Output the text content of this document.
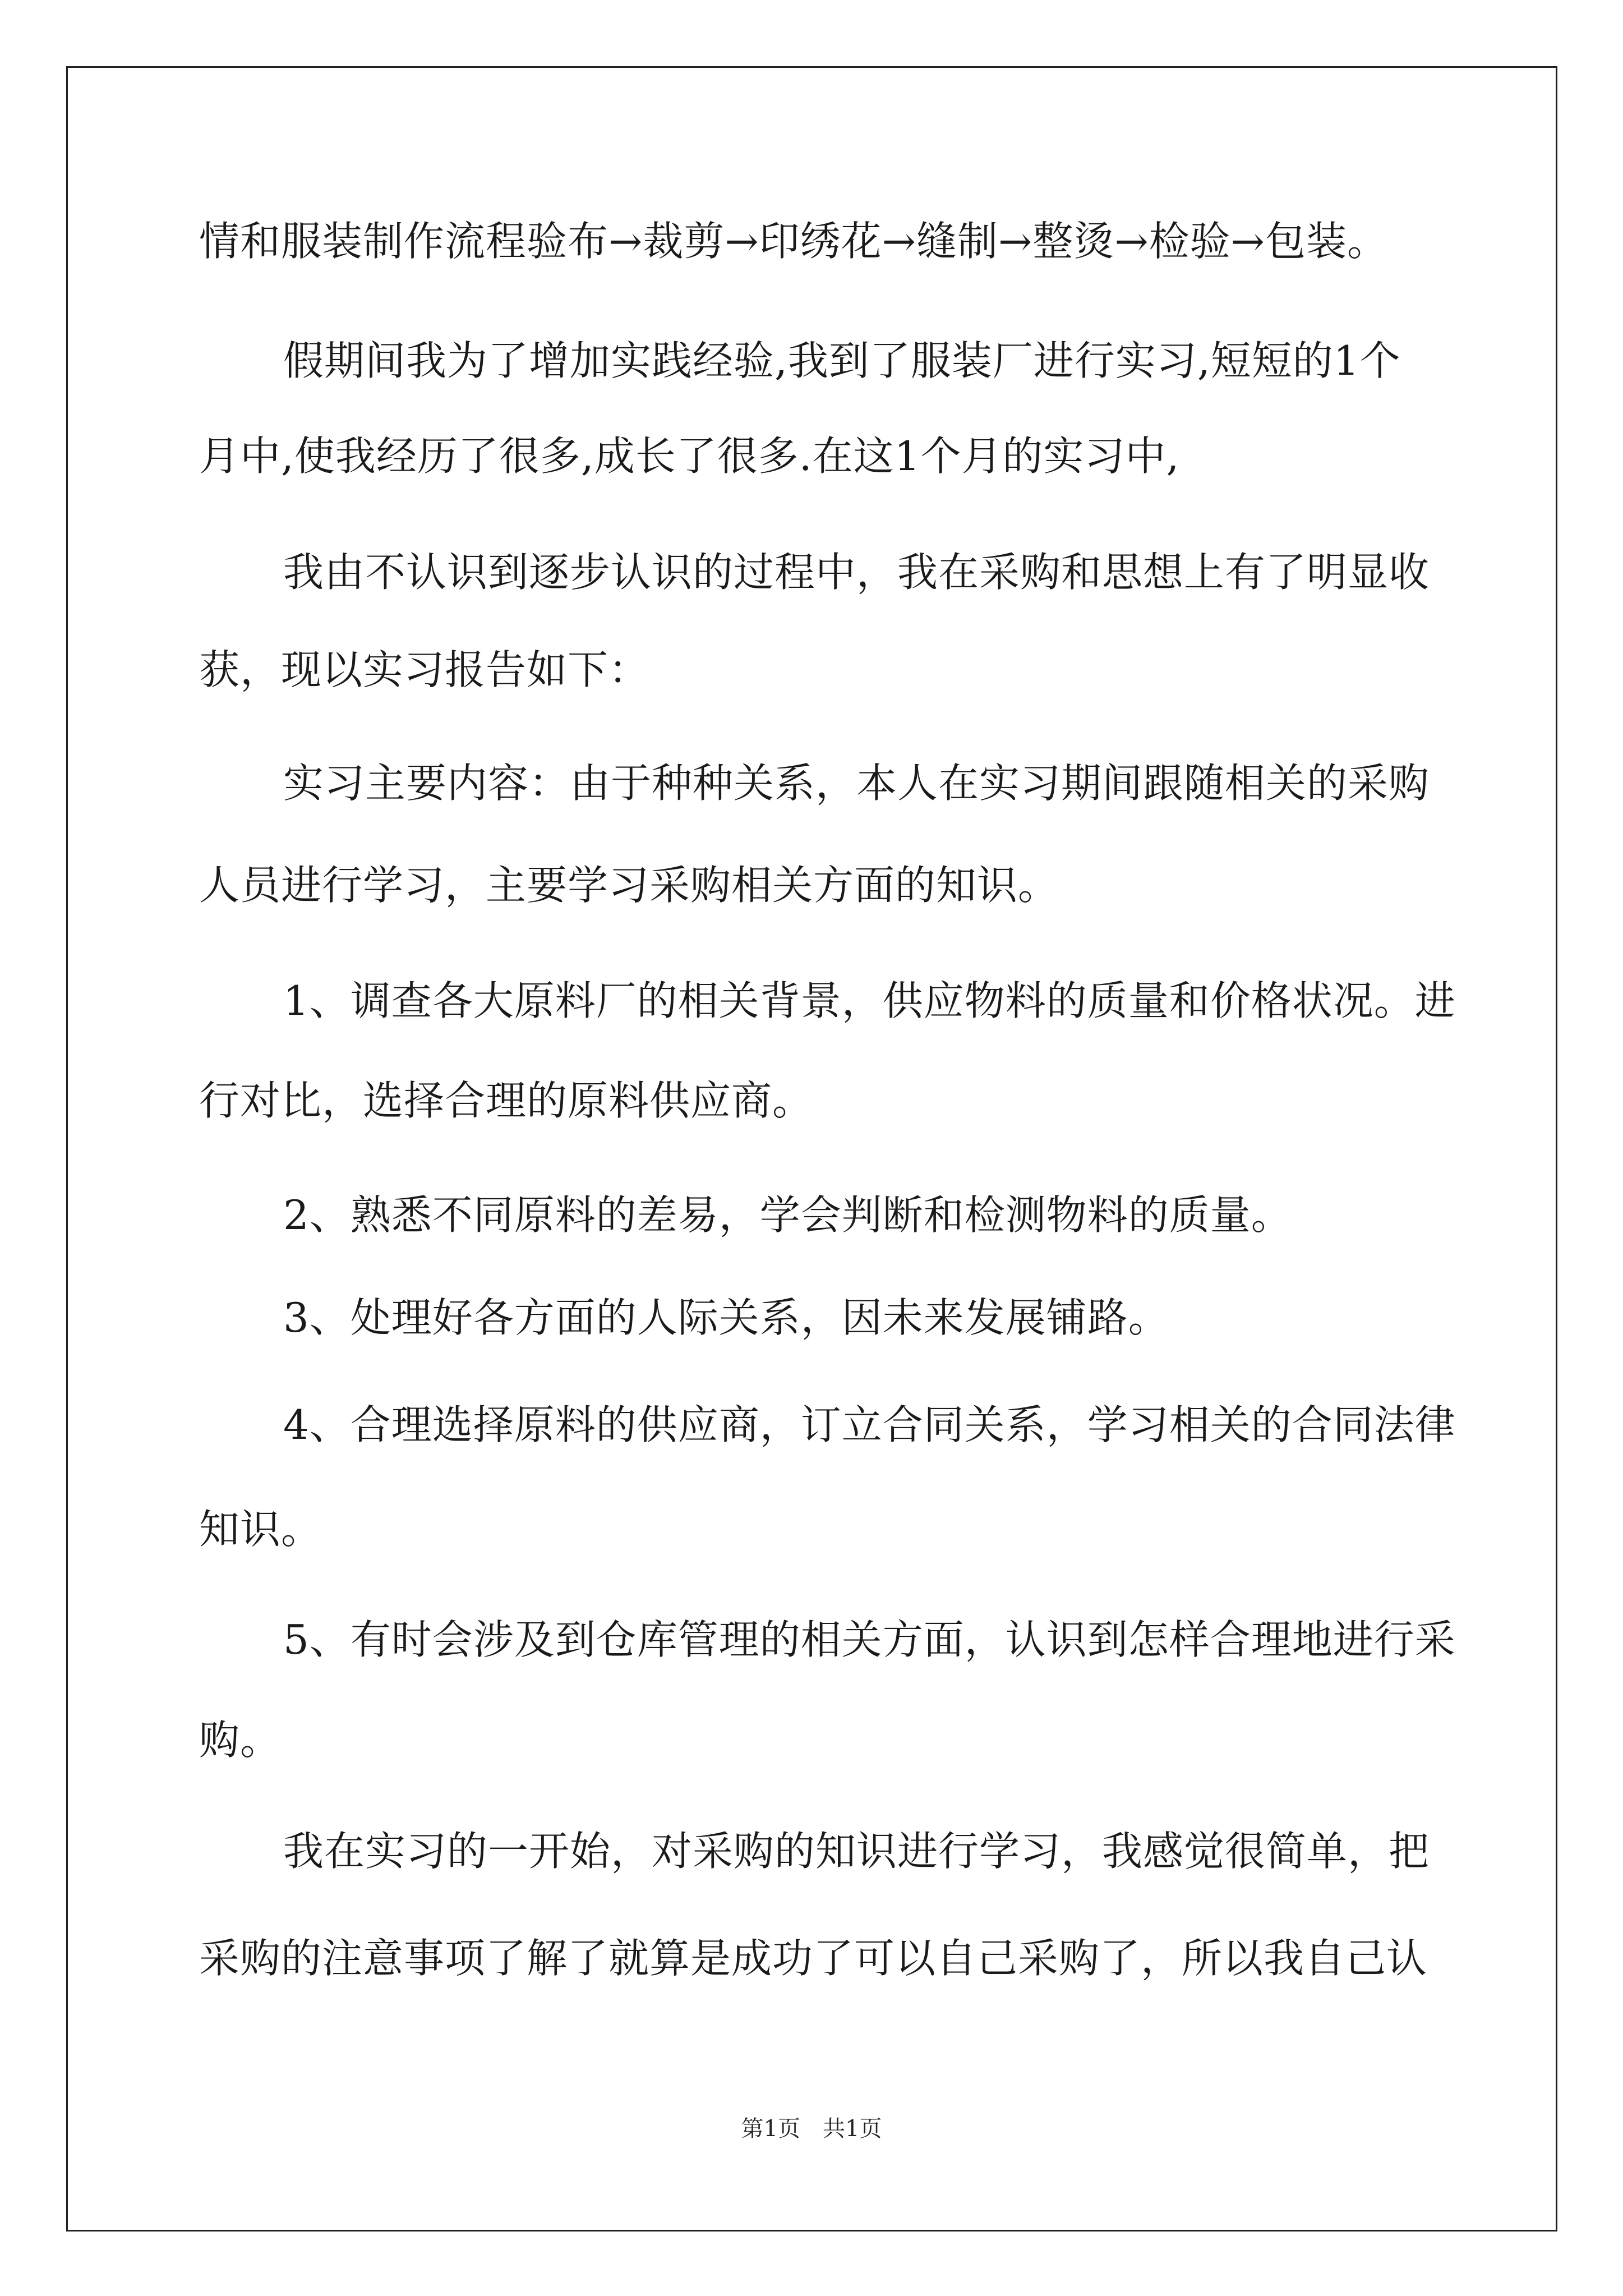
情和服装制作流程验布→裁剪→印绣花→缝制→整烫→检验→包装。
假期间我为了增加实践经验,我到了服装厂进行实习,短短的1个
月中,使我经历了很多,成长了很多.在这1个月的实习中,
我由不认识到逐步认识的过程中，我在采购和思想上有了明显收
获，现以实习报告如下：
实习主要内容：由于种种关系，本人在实习期间跟随相关的采购
人员进行学习，主要学习采购相关方面的知识。
1、调查各大原料厂的相关背景，供应物料的质量和价格状况。进
行对比，选择合理的原料供应商。
2、熟悉不同原料的差易，学会判断和检测物料的质量。
3、处理好各方面的人际关系，因未来发展铺路。
4、合理选择原料的供应商，订立合同关系，学习相关的合同法律
知识。
5、有时会涉及到仓库管理的相关方面，认识到怎样合理地进行采
购。
我在实习的一开始，对采购的知识进行学习，我感觉很简单，把
采购的注意事项了解了就算是成功了可以自己采购了，所以我自己认
第1页　共1页
